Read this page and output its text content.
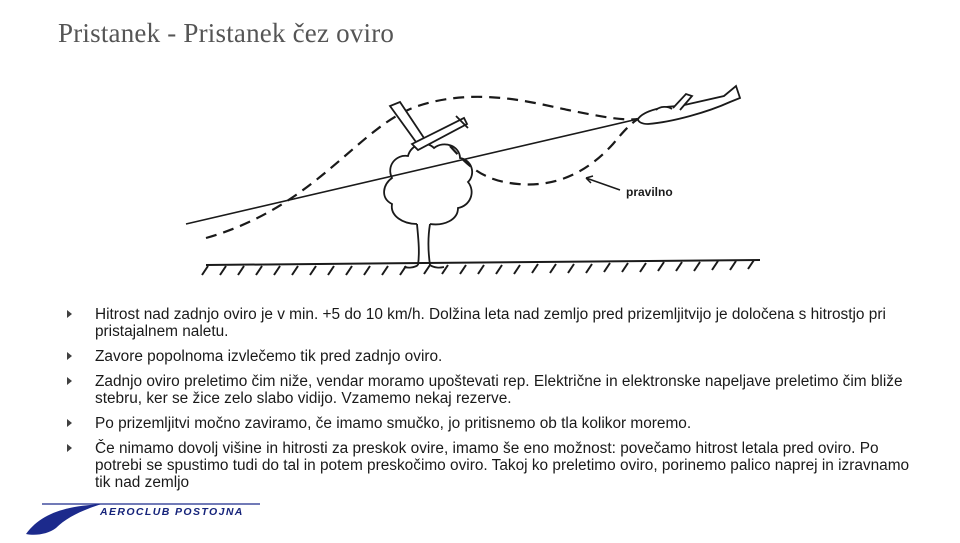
Pristanek - Pristanek čez oviro
pravilno
Hitrost nad zadnjo oviro je v min. +5 do 10 km/h. Dolžina leta nad zemljo pred prizemljitvijo je določena s hitrostjo pri pristajalnem naletu.
Zavore popolnoma izvlečemo tik pred zadnjo oviro.
Zadnjo oviro preletimo čim niže, vendar moramo upoštevati rep. Električne in elektronske napeljave preletimo čim bliže stebru, ker se žice zelo slabo vidijo. Vzamemo nekaj rezerve.
Po prizemljitvi močno zaviramo, če imamo smučko, jo pritisnemo ob tla kolikor moremo.
Če nimamo dovolj višine in hitrosti za preskok ovire, imamo še eno možnost: povečamo hitrost letala pred oviro. Po potrebi se spustimo tudi do tal in potem preskočimo oviro. Takoj ko preletimo oviro, porinemo palico naprej in izravnamo tik nad zemljo
AEROCLUB POSTOJNA
